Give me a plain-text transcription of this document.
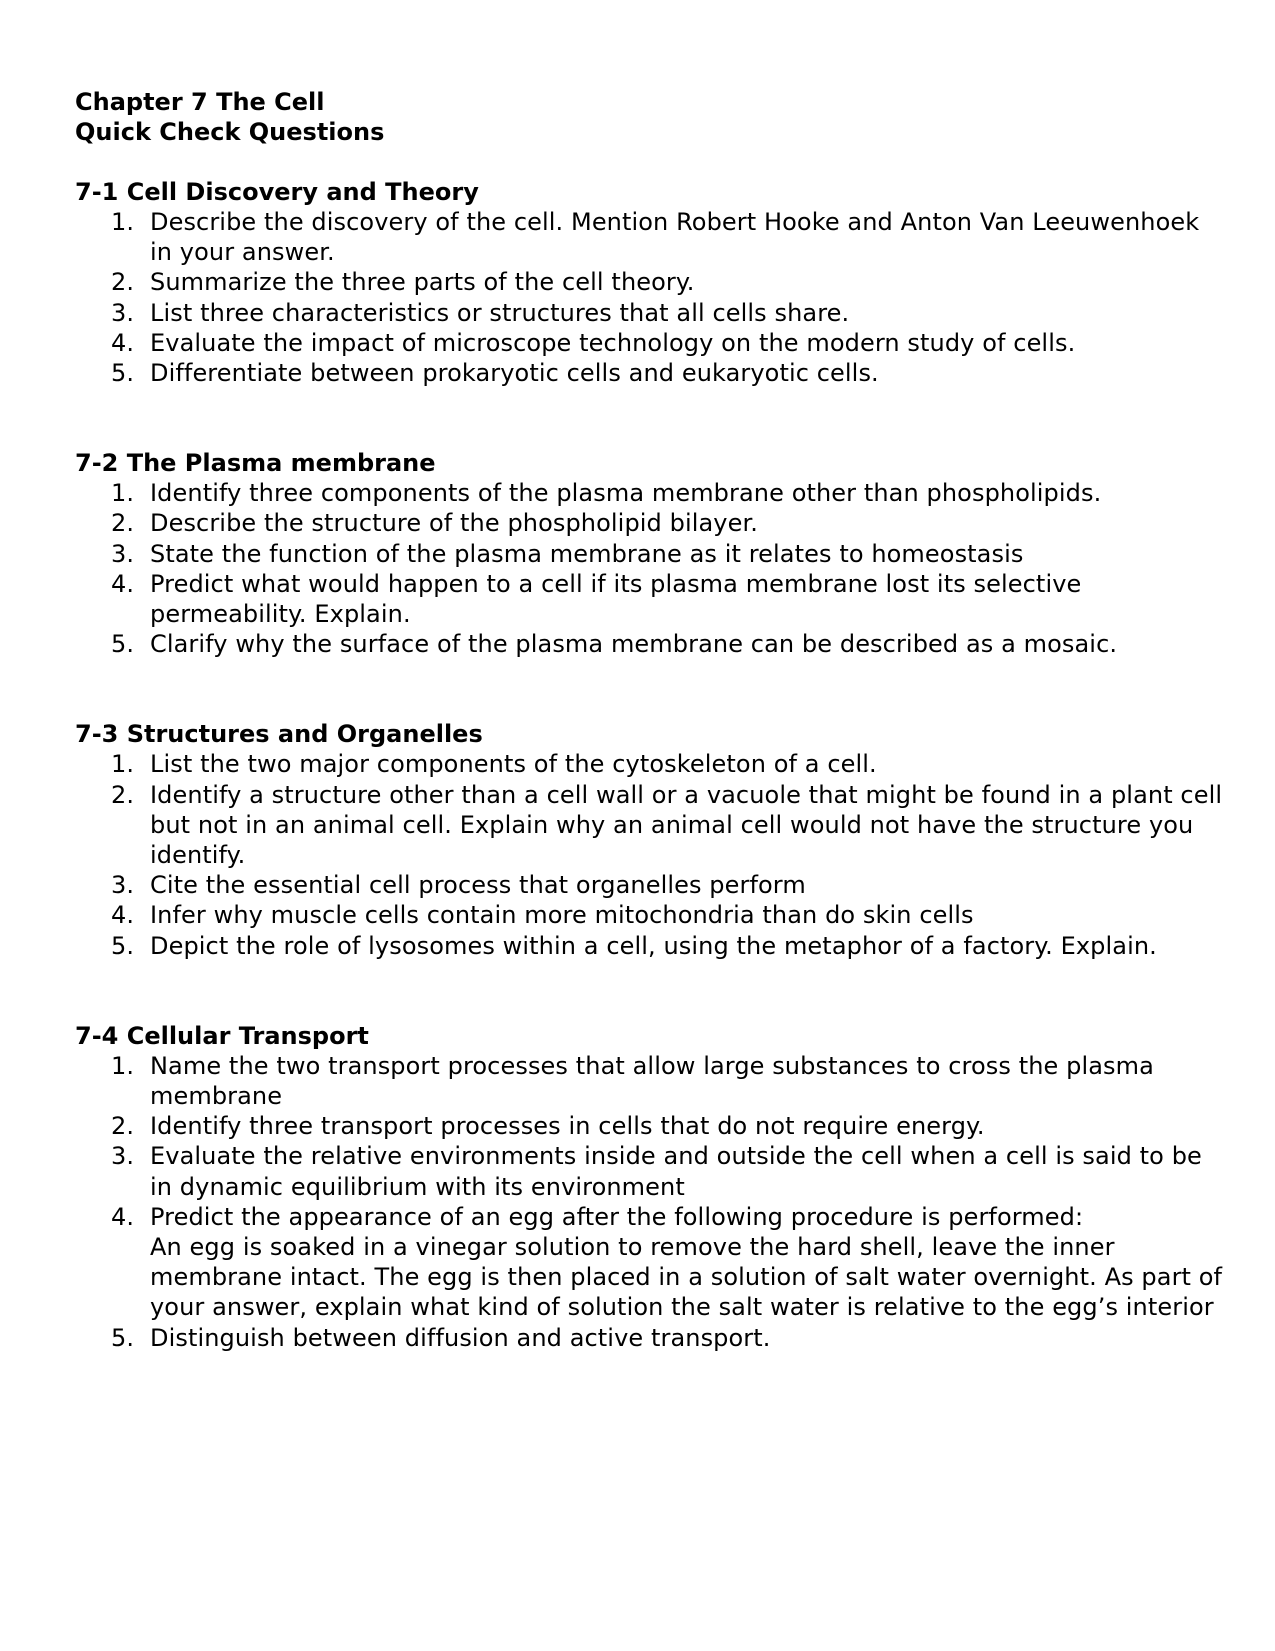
Chapter 7 The Cell

Quick Check Questions

7-1 Cell Discovery and Theory
1. Describe the discovery of the cell. Mention Robert Hooke and Anton Van Leeuwenhoek in your answer.
2. Summarize the three parts of the cell theory.
3. List three characteristics or structures that all cells share.
4. Evaluate the impact of microscope technology on the modern study of cells.
5. Differentiate between prokaryotic cells and eukaryotic cells.
7-2 The Plasma membrane
1. Identify three components of the plasma membrane other than phospholipids.
2. Describe the structure of the phospholipid bilayer.
3. State the function of the plasma membrane as it relates to homeostasis
4. Predict what would happen to a cell if its plasma membrane lost its selective permeability. Explain.
5. Clarify why the surface of the plasma membrane can be described as a mosaic.
7-3 Structures and Organelles
1. List the two major components of the cytoskeleton of a cell.
2. Identify a structure other than a cell wall or a vacuole that might be found in a plant cell but not in an animal cell. Explain why an animal cell would not have the structure you identify.
3. Cite the essential cell process that organelles perform
4. Infer why muscle cells contain more mitochondria than do skin cells
5. Depict the role of lysosomes within a cell, using the metaphor of a factory. Explain.
7-4 Cellular Transport
1. Name the two transport processes that allow large substances to cross the plasma membrane
2. Identify three transport processes in cells that do not require energy.
3. Evaluate the relative environments inside and outside the cell when a cell is said to be in dynamic equilibrium with its environment
4. Predict the appearance of an egg after the following procedure is performed:
An egg is soaked in a vinegar solution to remove the hard shell, leave the inner membrane intact. The egg is then placed in a solution of salt water overnight. As part of your answer, explain what kind of solution the salt water is relative to the egg’s interior
5. Distinguish between diffusion and active transport.
